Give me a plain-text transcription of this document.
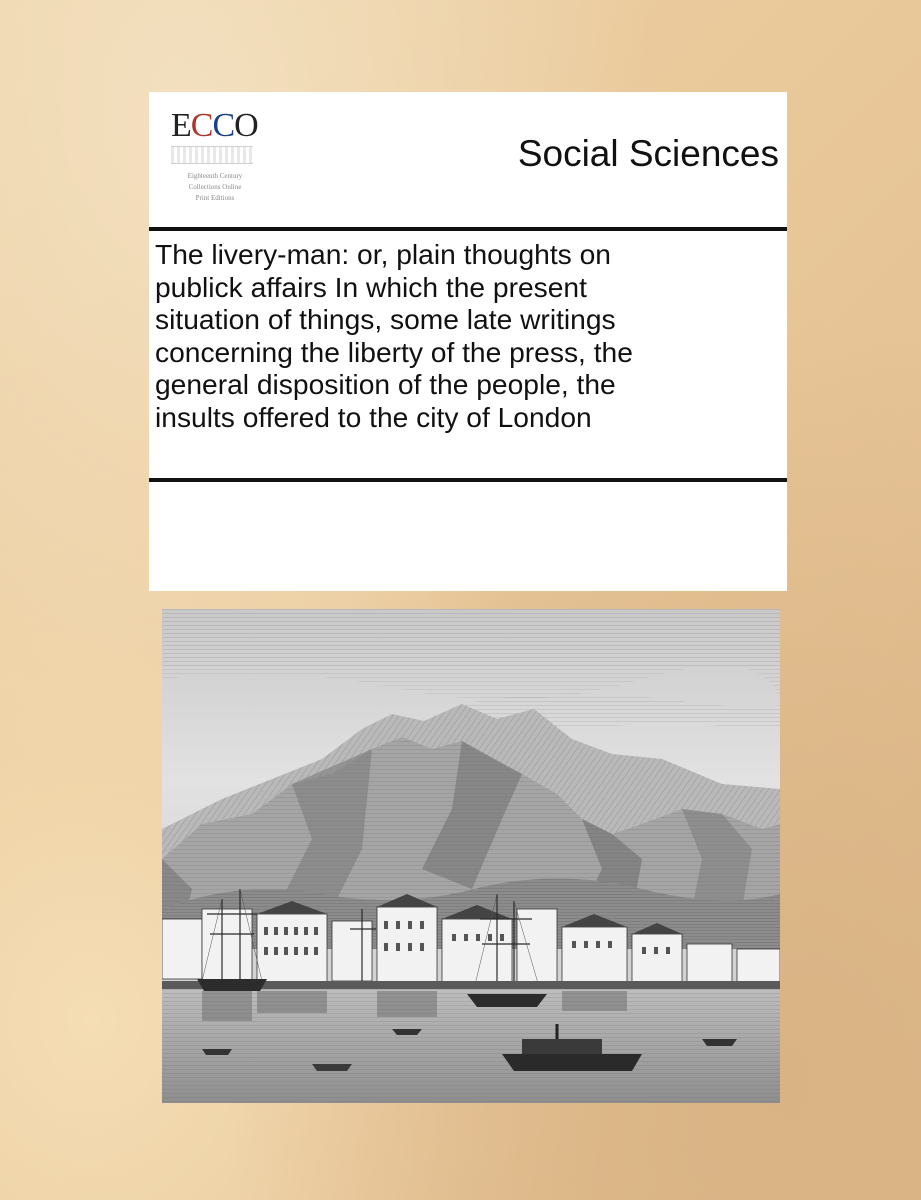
ECCO
Eighteenth Century
Collections Online
Print Editions
Social Sciences
The livery-man: or, plain thoughts on
publick affairs In which the present
situation of things, some late writings
concerning the liberty of the press, the
general disposition of the people, the
insults offered to the city of London
